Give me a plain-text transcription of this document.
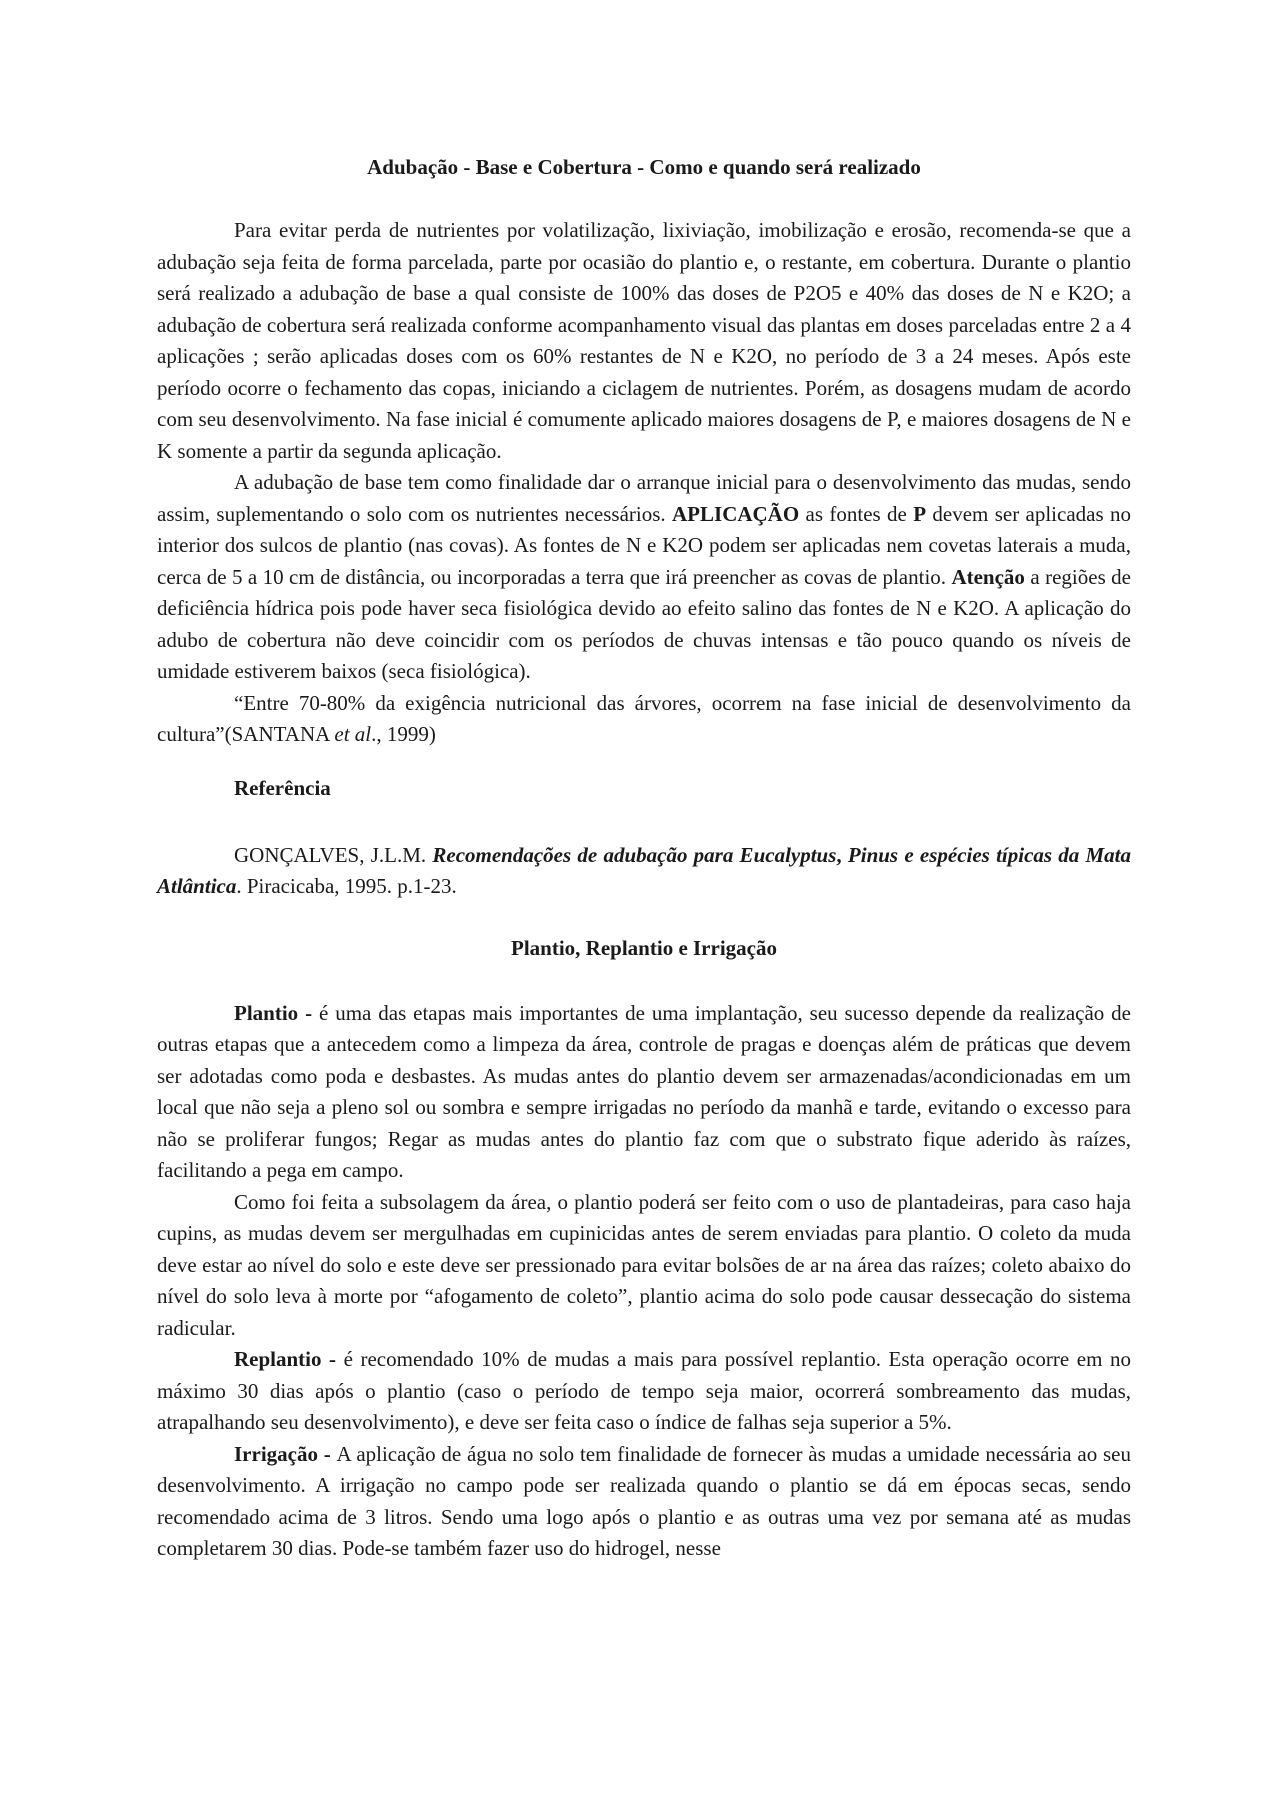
Adubação - Base e Cobertura - Como e quando será realizado

Para evitar perda de nutrientes por volatilização, lixiviação, imobilização e erosão, recomenda-se que a adubação seja feita de forma parcelada, parte por ocasião do plantio e, o restante, em cobertura. Durante o plantio será realizado a adubação de base a qual consiste de 100% das doses de P2O5 e 40% das doses de N e K2O; a adubação de cobertura será realizada conforme acompanhamento visual das plantas em doses parceladas entre 2 a 4 aplicações ; serão aplicadas doses com os 60% restantes de N e K2O, no período de 3 a 24 meses. Após este período ocorre o fechamento das copas, iniciando a ciclagem de nutrientes. Porém, as dosagens mudam de acordo com seu desenvolvimento. Na fase inicial é comumente aplicado maiores dosagens de P, e maiores dosagens de N e K somente a partir da segunda aplicação.

A adubação de base tem como finalidade dar o arranque inicial para o desenvolvimento das mudas, sendo assim, suplementando o solo com os nutrientes necessários. APLICAÇÃO as fontes de P devem ser aplicadas no interior dos sulcos de plantio (nas covas). As fontes de N e K2O podem ser aplicadas nem covetas laterais a muda, cerca de 5 a 10 cm de distância, ou incorporadas a terra que irá preencher as covas de plantio. Atenção a regiões de deficiência hídrica pois pode haver seca fisiológica devido ao efeito salino das fontes de N e K2O. A aplicação do adubo de cobertura não deve coincidir com os períodos de chuvas intensas e tão pouco quando os níveis de umidade estiverem baixos (seca fisiológica).

“Entre 70-80% da exigência nutricional das árvores, ocorrem na fase inicial de desenvolvimento da cultura”(SANTANA et al., 1999)

Referência

GONÇALVES, J.L.M. Recomendações de adubação para Eucalyptus, Pinus e espécies típicas da Mata Atlântica. Piracicaba, 1995. p.1-23.

Plantio, Replantio e Irrigação

Plantio - é uma das etapas mais importantes de uma implantação, seu sucesso depende da realização de outras etapas que a antecedem como a limpeza da área, controle de pragas e doenças além de práticas que devem ser adotadas como poda e desbastes. As mudas antes do plantio devem ser armazenadas/acondicionadas em um local que não seja a pleno sol ou sombra e sempre irrigadas no período da manhã e tarde, evitando o excesso para não se proliferar fungos; Regar as mudas antes do plantio faz com que o substrato fique aderido às raízes, facilitando a pega em campo.

Como foi feita a subsolagem da área, o plantio poderá ser feito com o uso de plantadeiras, para caso haja cupins, as mudas devem ser mergulhadas em cupinicidas antes de serem enviadas para plantio. O coleto da muda deve estar ao nível do solo e este deve ser pressionado para evitar bolsões de ar na área das raízes; coleto abaixo do nível do solo leva à morte por “afogamento de coleto”, plantio acima do solo pode causar dessecação do sistema radicular.

Replantio - é recomendado 10% de mudas a mais para possível replantio. Esta operação ocorre em no máximo 30 dias após o plantio (caso o período de tempo seja maior, ocorrerá sombreamento das mudas, atrapalhando seu desenvolvimento), e deve ser feita caso o índice de falhas seja superior a 5%.

Irrigação - A aplicação de água no solo tem finalidade de fornecer às mudas a umidade necessária ao seu desenvolvimento. A irrigação no campo pode ser realizada quando o plantio se dá em épocas secas, sendo recomendado acima de 3 litros. Sendo uma logo após o plantio e as outras uma vez por semana até as mudas completarem 30 dias. Pode-se também fazer uso do hidrogel, nesse
